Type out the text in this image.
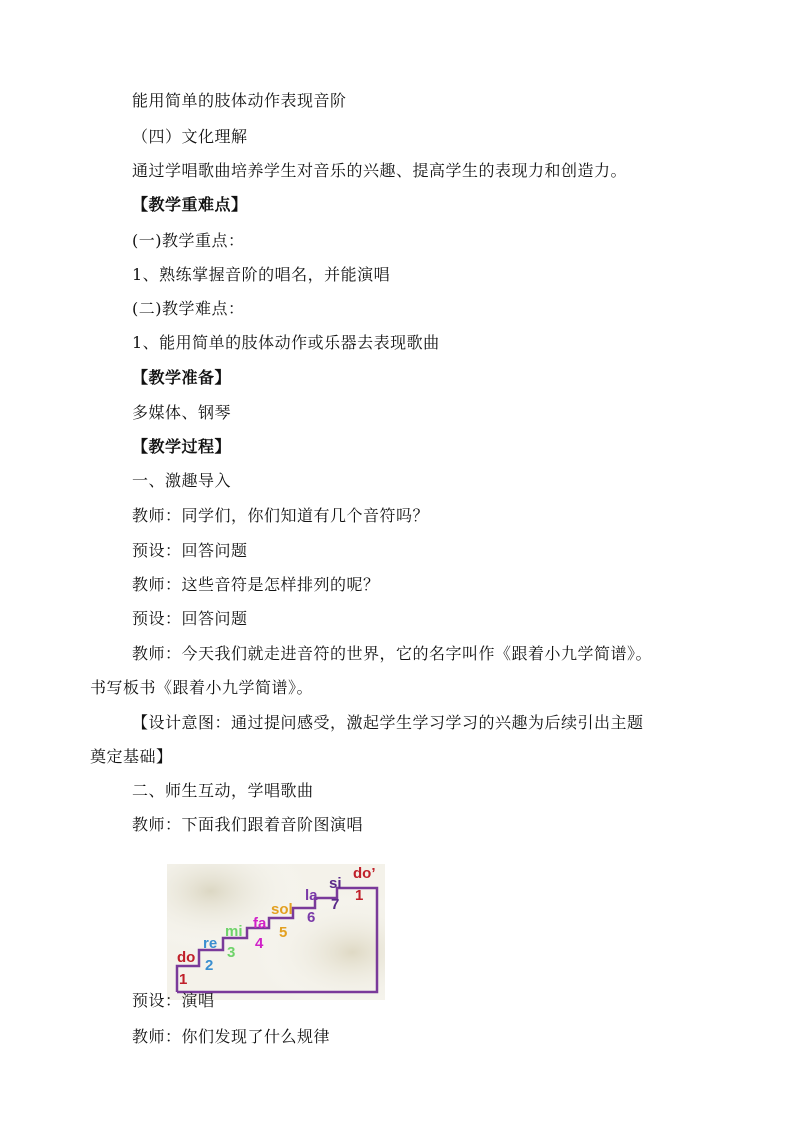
能用简单的肢体动作表现音阶
（四）文化理解
通过学唱歌曲培养学生对音乐的兴趣、提高学生的表现力和创造力。
【教学重难点】
(一)教学重点：
1、熟练掌握音阶的唱名，并能演唱
(二)教学难点：
1、能用简单的肢体动作或乐器去表现歌曲
【教学准备】
多媒体、钢琴
【教学过程】
一、激趣导入
教师：同学们，你们知道有几个音符吗？
预设：回答问题
教师：这些音符是怎样排列的呢？
预设：回答问题
教师：今天我们就走进音符的世界，它的名字叫作《跟着小九学简谱》。
书写板书《跟着小九学简谱》。
【设计意图：通过提问感受，激起学生学习学习的兴趣为后续引出主题
奠定基础】
二、师生互动，学唱歌曲
教师：下面我们跟着音阶图演唱
do
1
re
2
mi
3
fa
4
sol
5
la
6
si
7
do’
1
预设：演唱
教师：你们发现了什么规律
